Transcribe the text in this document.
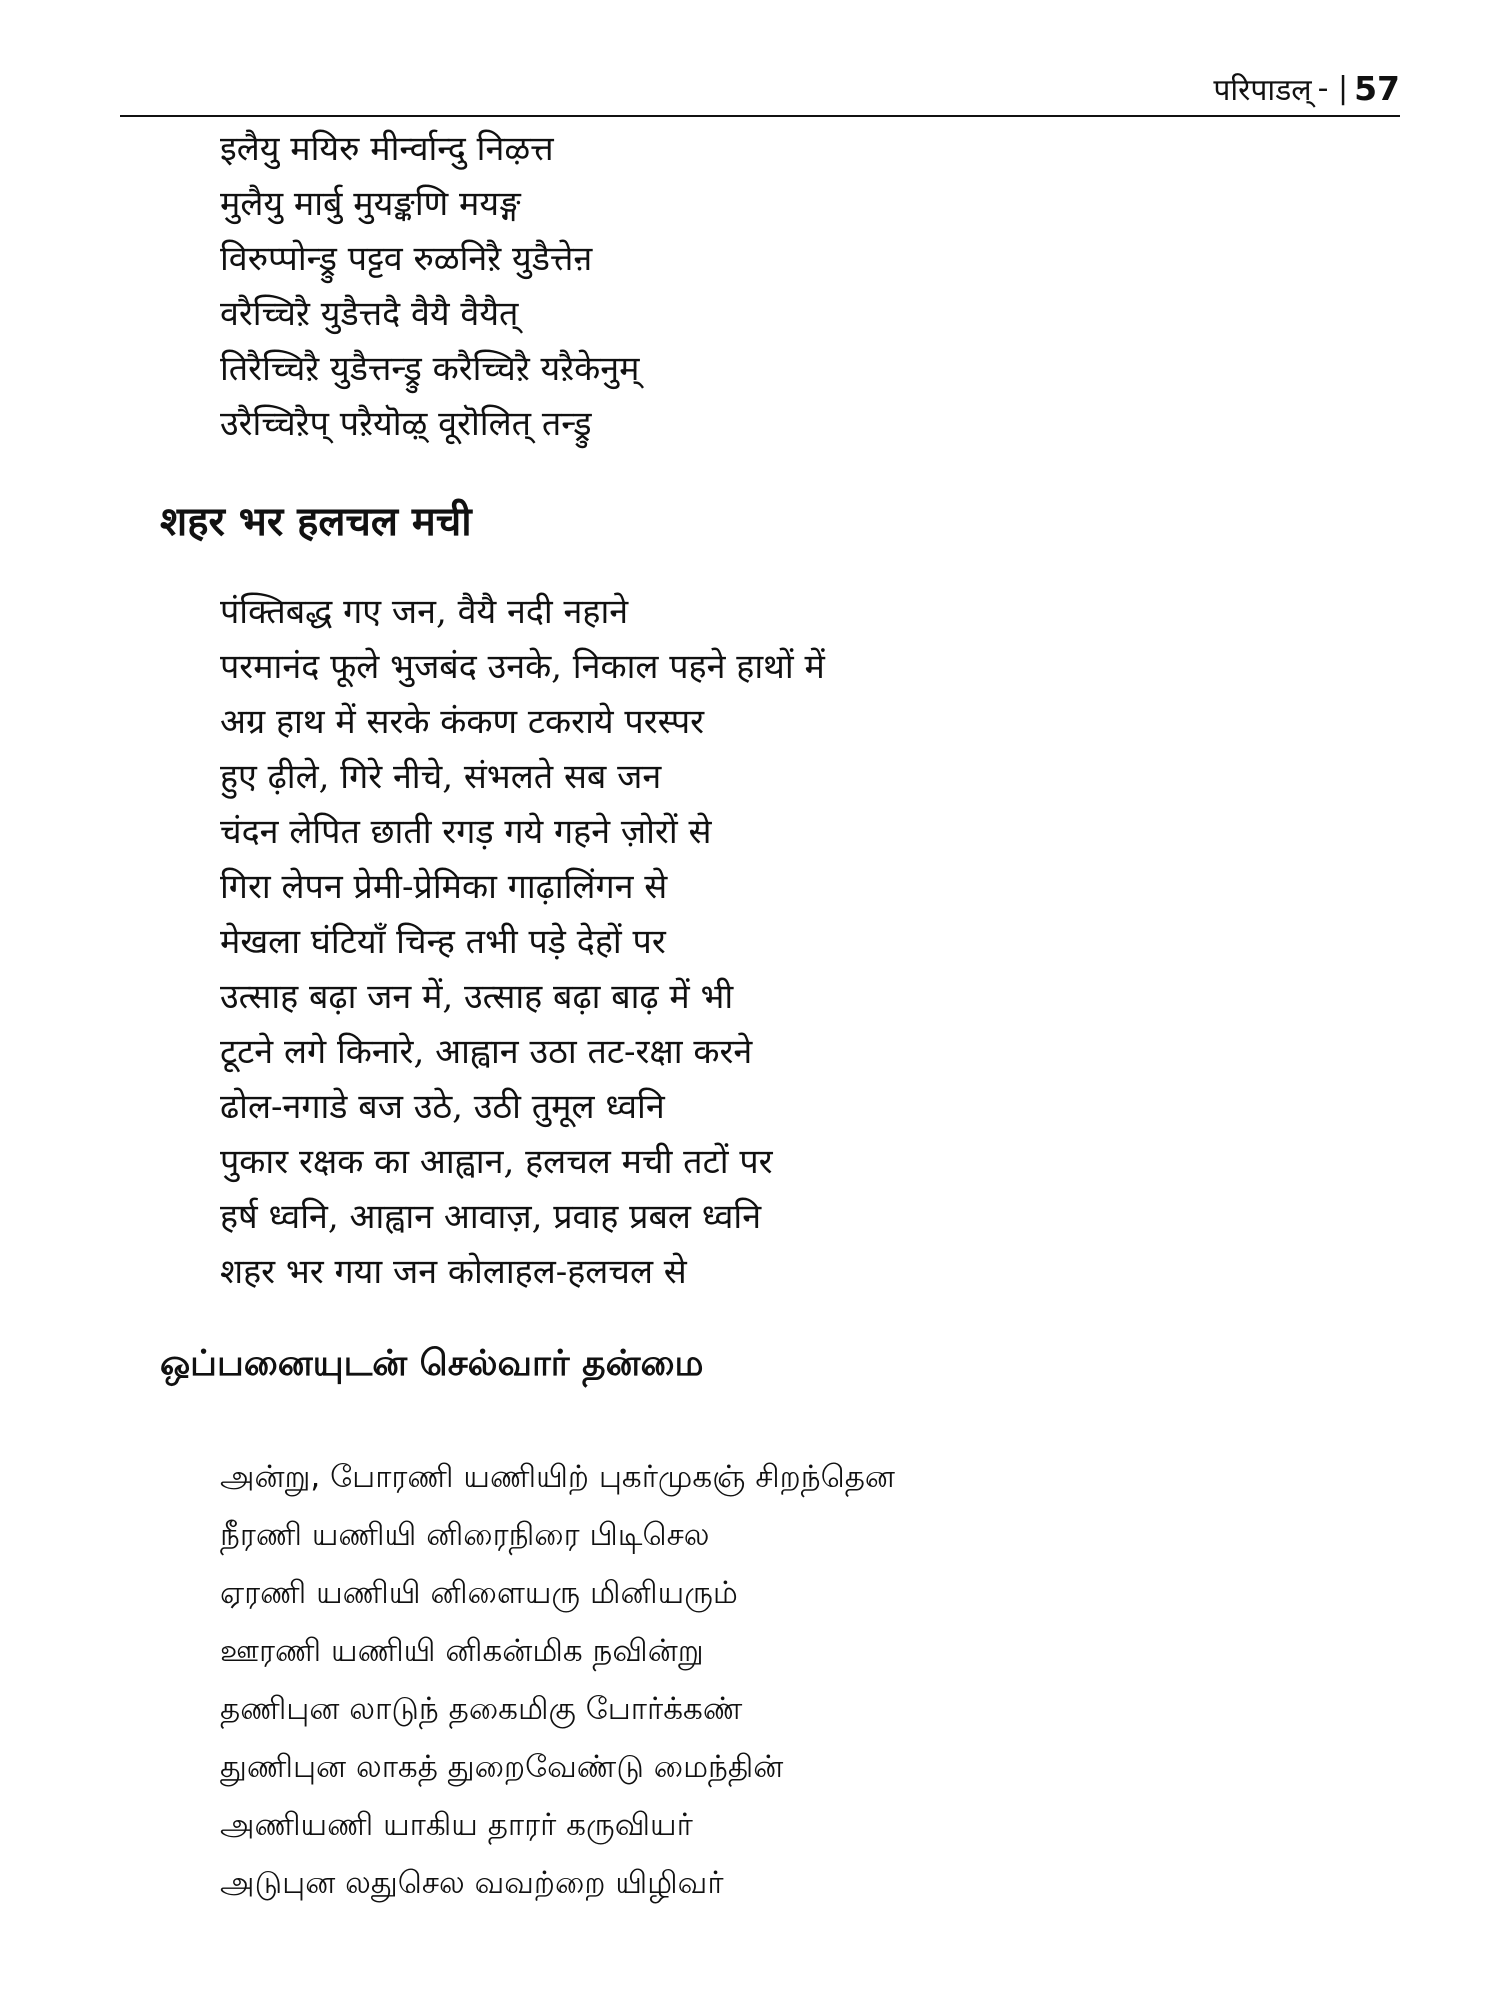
परिपाडल् - | 57
इलैयु मयिरु मीर्न्वान्दु निऴत्त
मुलैयु मार्बु मुयङ्कणि मयङ्ग
विरुप्पोन्ड्रु पट्टव रुळनिऱै युडैत्तेऩ
वरैच्चिऱै युडैत्तदै वैयै वैयैत्
तिरैच्चिऱै युडैत्तन्ड्रु करैच्चिऱै यऱैकेनुम्
उरैच्चिऱैप् पऱैयॊऴ् वूरॊलित् तन्ड्रु
शहर भर हलचल मची
पंक्तिबद्ध गए जन, वैयै नदी नहाने
परमानंद फूले भुजबंद उनके, निकाल पहने हाथों में
अग्र हाथ में सरके कंकण टकराये परस्पर
हुए ढ़ीले, गिरे नीचे, संभलते सब जन
चंदन लेपित छाती रगड़ गये गहने ज़ोरों से
गिरा लेपन प्रेमी-प्रेमिका गाढ़ालिंगन से
मेखला घंटियाँ चिन्ह तभी पड़े देहों पर
उत्साह बढ़ा जन में, उत्साह बढ़ा बाढ़ में भी
टूटने लगे किनारे, आह्वान उठा तट-रक्षा करने
ढोल-नगाडे बज उठे, उठी तुमूल ध्वनि
पुकार रक्षक का आह्वान, हलचल मची तटों पर
हर्ष ध्वनि, आह्वान आवाज़, प्रवाह प्रबल ध्वनि
शहर भर गया जन कोलाहल-हलचल से
ஒப்பனையுடன் செல்வார் தன்மை
அன்று, போரணி யணியிற் புகர்முகஞ் சிறந்தென
நீரணி யணியி னிரைநிரை பிடிசெல
ஏரணி யணியி னிளையரு மினியரும்
ஊரணி யணியி னிகன்மிக நவின்று
தணிபுன லாடுந் தகைமிகு போர்க்கண்
துணிபுன லாகத் துறைவேண்டு மைந்தின்
அணியணி யாகிய தாரர் கருவியர்
அடுபுன லதுசெல வவற்றை யிழிவர்
